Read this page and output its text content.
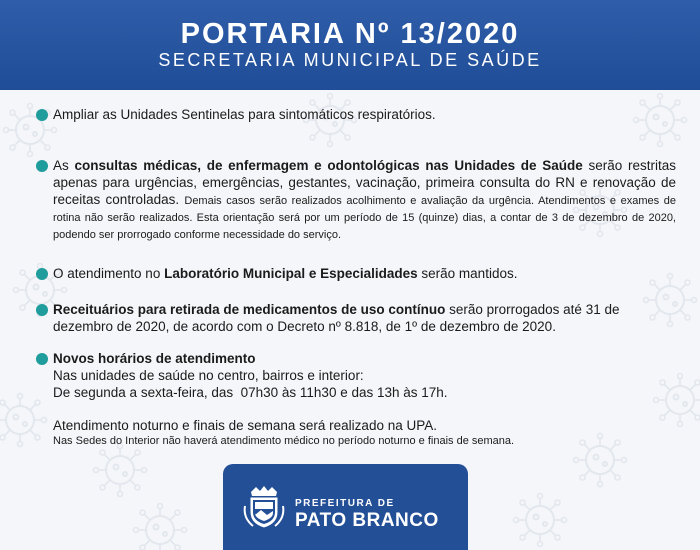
PORTARIA Nº 13/2020
SECRETARIA MUNICIPAL DE SAÚDE
Ampliar as Unidades Sentinelas para sintomáticos respiratórios.
As consultas médicas, de enfermagem e odontológicas nas Unidades de Saúde serão restritas apenas para urgências, emergências, gestantes, vacinação, primeira consulta do RN e renovação de receitas controladas. Demais casos serão realizados acolhimento e avaliação da urgência. Atendimentos e exames de rotina não serão realizados. Esta orientação será por um período de 15 (quinze) dias, a contar de 3 de dezembro de 2020, podendo ser prorrogado conforme necessidade do serviço.
O atendimento no Laboratório Municipal e Especialidades serão mantidos.
Receituários para retirada de medicamentos de uso contínuo serão prorrogados até 31 de dezembro de 2020, de acordo com o Decreto nº 8.818, de 1º de dezembro de 2020.
Novos horários de atendimento
Nas unidades de saúde no centro, bairros e interior:
De segunda a sexta-feira, das  07h30 às 11h30 e das 13h às 17h.
Atendimento noturno e finais de semana será realizado na UPA.
Nas Sedes do Interior não haverá atendimento médico no período noturno e finais de semana.
PREFEITURA DE
PATO BRANCO
